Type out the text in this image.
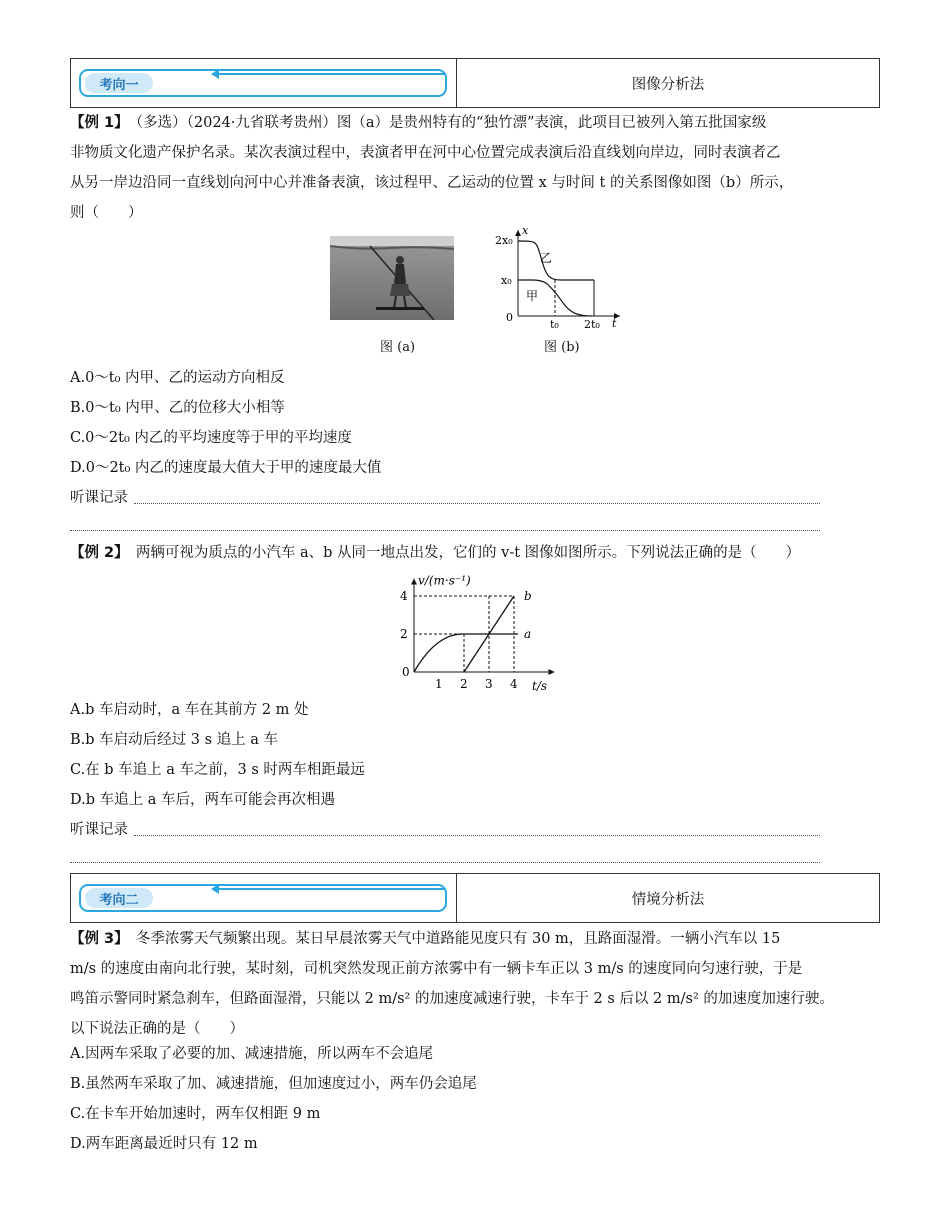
考向一	图像分析法
【例 1】　 （多选）（2024·九省联考贵州）图（a）是贵州特有的“独竹漂”表演，此项目已被列入第五批国家级
非物质文化遗产保护名录。某次表演过程中，表演者甲在河中心位置完成表演后沿直线划向岸边，同时表演者乙
从另一岸边沿同一直线划向河中心并准备表演，该过程甲、乙运动的位置 x 与时间 t 的关系图像如图（b）所示，
则（　　）
图 (a)
x
t
2x₀
x₀
0
t₀ 2t₀
乙
甲
图 (b)
A.0～t₀ 内甲、乙的运动方向相反
B.0～t₀ 内甲、乙的位移大小相等
C.0～2t₀ 内乙的平均速度等于甲的平均速度
D.0～2t₀ 内乙的速度最大值大于甲的速度最大值
听课记录
【例 2】　 两辆可视为质点的小汽车 a、b 从同一地点出发，它们的 v-t 图像如图所示。下列说法正确的是（　　）
v/(m·s⁻¹)
t/s
0
1 2 3 4
2
4
a
b
A.b 车启动时，a 车在其前方 2 m 处
B.b 车启动后经过 3 s 追上 a 车
C.在 b 车追上 a 车之前，3 s 时两车相距最远
D.b 车追上 a 车后，两车可能会再次相遇
听课记录
考向二	情境分析法
【例 3】　 冬季浓雾天气频繁出现。某日早晨浓雾天气中道路能见度只有 30 m，且路面湿滑。一辆小汽车以 15
m/s 的速度由南向北行驶，某时刻，司机突然发现正前方浓雾中有一辆卡车正以 3 m/s 的速度同向匀速行驶，于是
鸣笛示警同时紧急刹车，但路面湿滑，只能以 2 m/s² 的加速度减速行驶，卡车于 2 s 后以 2 m/s² 的加速度加速行驶。
以下说法正确的是（　　）
A.因两车采取了必要的加、减速措施，所以两车不会追尾
B.虽然两车采取了加、减速措施，但加速度过小，两车仍会追尾
C.在卡车开始加速时，两车仅相距 9 m
D.两车距离最近时只有 12 m
